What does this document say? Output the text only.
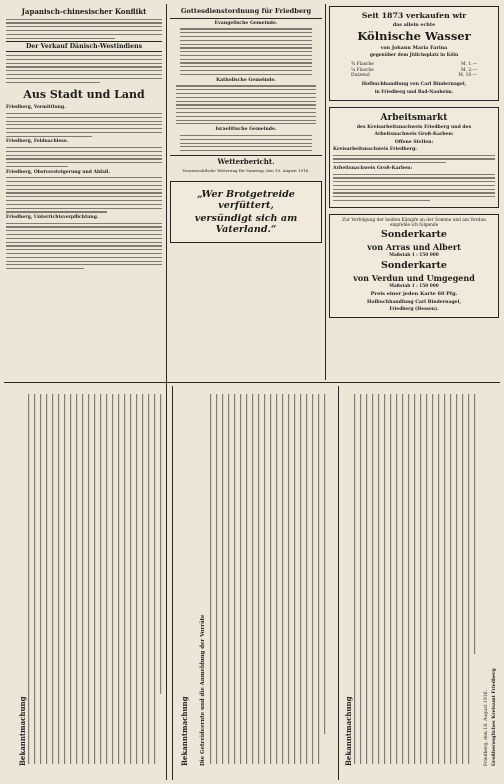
Japanisch-chinesischer Konflikt
Der Verkauf Dänisch-Westindiens
Aus Stadt und Land
Friedberg, Vermittlung.
Friedberg, Feldnachlese.
Friedberg, Obstversteigerung und Abfall.
Friedberg, Unterrichtsverpflichtung.
Gottesdienstordnung für Friedberg
Evangelische Gemeinde.
Katholische Gemeinde.
Israelitische Gemeinde.
Wetterbericht.
Voraussichtliche Witterung für Samstag, den 19. August 1916.
„Wer Brotgetreide verfüttert,
versündigt sich am Vaterland.“
Seit 1873 verkaufen wir
das allein echte
Kölnische Wasser
von Johann Maria Farina
gegenüber dem Jülichsplatz in Köln
¾ Flasche	M. 1.—
¼ Flasche	M. 2.—
Dutzend	M. 10.—
Hofbuchhandlung von Carl Bindernagel,
in Friedberg und Bad-Nauheim.
Arbeitsmarkt
des Kreisarbeitsnachweis Friedberg und des
Arbeitsnachweis Groß-Karben:
Offene Stellen:
Kreisarbeitsnachweis Friedberg:
Arbeitsnachweis Groß-Karben:
Zur Verfolgung der heißen Kämpfe an der Somme und am Verdun empfehle ich folgende
Sonderkarte
von Arras und Albert
Maßstab 1 : 150 000
Sonderkarte
von Verdun und Umgegend
Maßstab 1 : 150 000
Preis einer jeden Karte 60 Pfg.
Hofbuchhandlung Carl Bindernagel,
Friedberg (Hessen).
Bekanntmachung	Bekanntmachung Die Getreideernte und die Anmeldung der Vorräte	Bekanntmachung	Friedberg, den 18. August 1916. Großherzogliches Kreisamt Friedberg
